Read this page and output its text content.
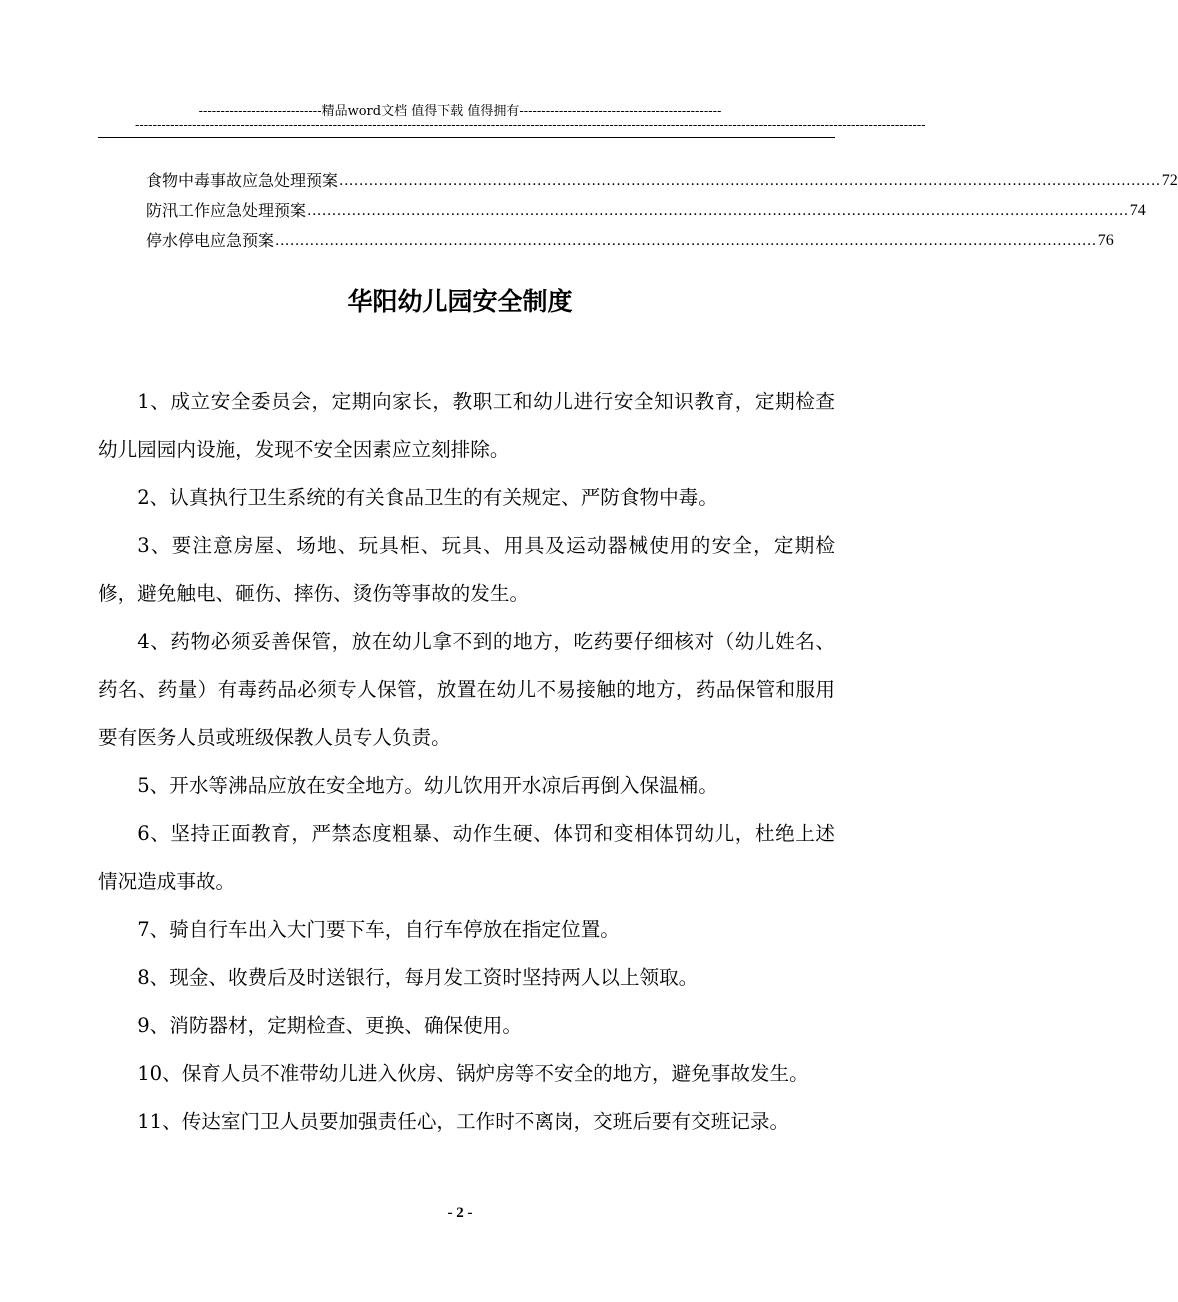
----------------------------精品word文档 值得下载 值得拥有----------------------------------------------
------------------------------------------------------------------------------------------------------------------------------------------------------------------------------------
食物中毒事故应急处理预案 ...................................................................................................................................................................... 72
防汛工作应急处理预案 ...................................................................................................................................................................... 74
停水停电应急预案 ...................................................................................................................................................................... 76
华阳幼儿园安全制度

1、成立安全委员会，定期向家长，教职工和幼儿进行安全知识教育，定期检查幼儿园园内设施，发现不安全因素应立刻排除。

2、认真执行卫生系统的有关食品卫生的有关规定、严防食物中毒。

3、要注意房屋、场地、玩具柜、玩具、用具及运动器械使用的安全，定期检修，避免触电、砸伤、摔伤、烫伤等事故的发生。

4、药物必须妥善保管，放在幼儿拿不到的地方，吃药要仔细核对（幼儿姓名、药名、药量）有毒药品必须专人保管，放置在幼儿不易接触的地方，药品保管和服用要有医务人员或班级保教人员专人负责。

5、开水等沸品应放在安全地方。幼儿饮用开水凉后再倒入保温桶。

6、坚持正面教育，严禁态度粗暴、动作生硬、体罚和变相体罚幼儿，杜绝上述情况造成事故。

7、骑自行车出入大门要下车，自行车停放在指定位置。

8、现金、收费后及时送银行，每月发工资时坚持两人以上领取。

9、消防器材，定期检查、更换、确保使用。

10、保育人员不准带幼儿进入伙房、锅炉房等不安全的地方，避免事故发生。

11、传达室门卫人员要加强责任心，工作时不离岗，交班后要有交班记录。

- 2 -
